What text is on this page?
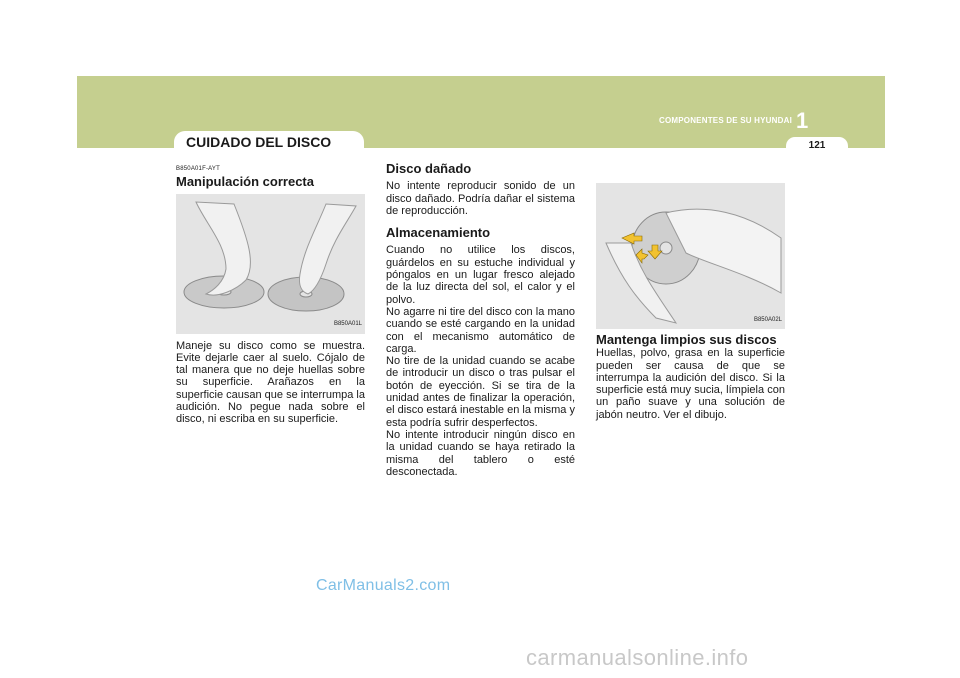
COMPONENTES DE SU HYUNDAI 1
121
CUIDADO DEL DISCO
B850A01F-AYT
Manipulación correcta
B850A01L

Maneje su disco como se muestra. Evite dejarle caer al suelo. Cójalo de tal manera que no deje huellas sobre su superficie. Arañazos en la superficie causan que se interrumpa la audición. No pegue nada sobre el disco, ni escriba en su superficie.

Disco dañado

No intente reproducir sonido de un disco dañado. Podría dañar el sistema de reproducción.

Almacenamiento

Cuando no utilice los discos, guárdelos en su estuche individual y póngalos en un lugar fresco alejado de la luz directa del sol, el calor y el polvo.

No agarre ni tire del disco con la mano cuando se esté cargando en la unidad con el mecanismo automático de carga.

No tire de la unidad cuando se acabe de introducir un disco o tras pulsar el botón de eyección. Si se tira de la unidad antes de finalizar la operación, el disco estará inestable en la misma y esta podría sufrir desperfectos.

No intente introducir ningún disco en la unidad cuando se haya retirado la misma del tablero o esté desconectada.

B850A02L
Mantenga limpios sus discos

Huellas, polvo, grasa en la superficie pueden ser causa de que se interrumpa la audición del disco. Si la superficie está muy sucia, límpiela con un paño suave y una solución de jabón neutro. Ver el dibujo.

CarManuals2.com
carmanualsonline.info
